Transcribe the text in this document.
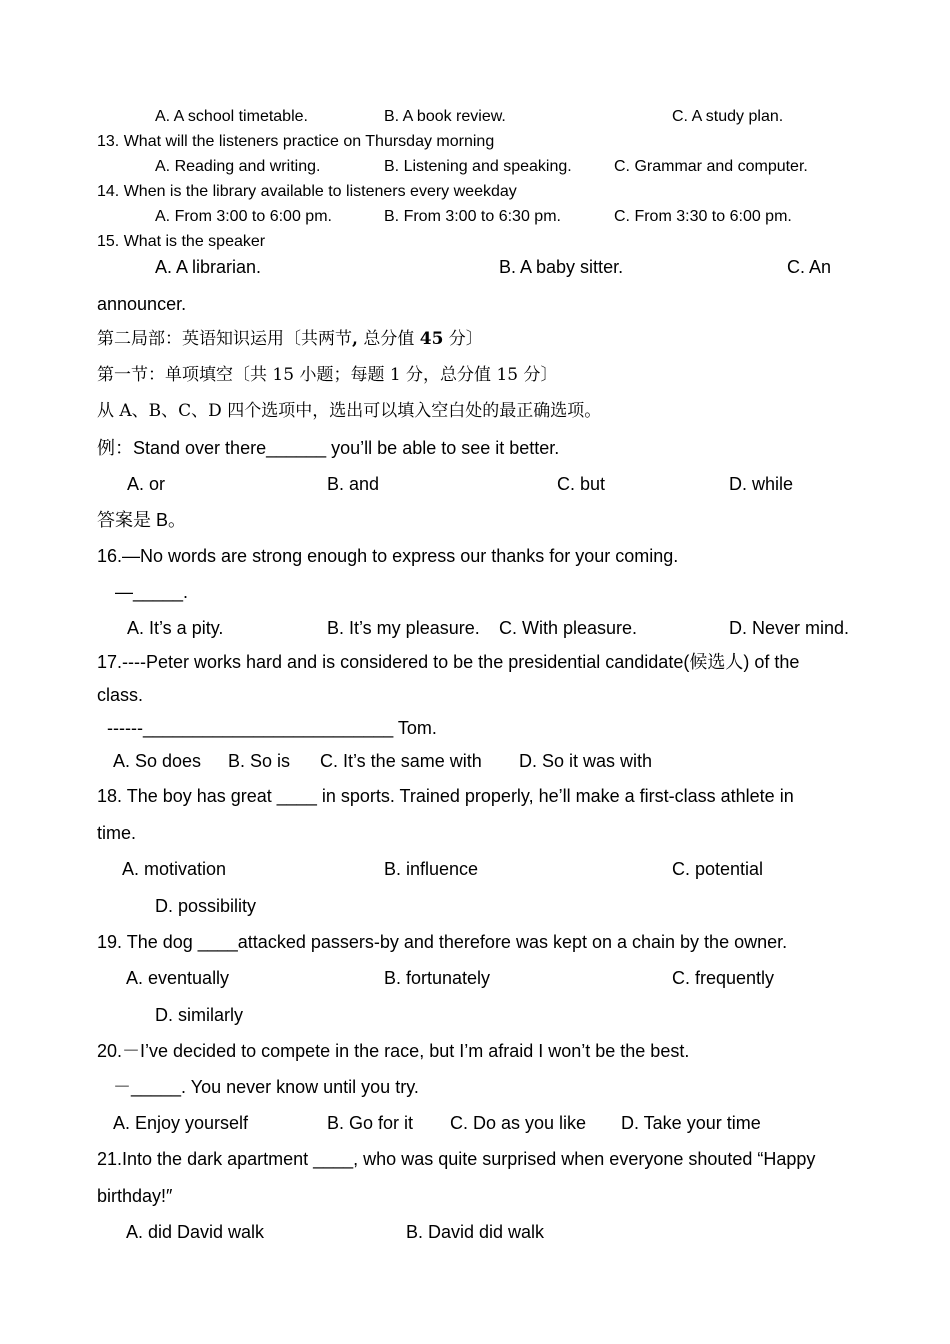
A. A school timetable.	B. A book review.	C. A study plan.
13. What will the listeners practice on Thursday morning
A. Reading and writing.	B. Listening and speaking.	C. Grammar and computer.
14. When is the library available to listeners every weekday
A. From 3:00 to 6:00 pm.	B. From 3:00 to 6:30 pm.	C. From 3:30 to 6:00 pm.
15. What is the speaker
A. A librarian.	B. A baby sitter.	C. An
announcer.
第二局部：英语知识运用〔共两节, 总分值 45 分〕
第一节：单项填空〔共 15 小题；每题 1 分，总分值 15 分〕
从 A、B、C、D 四个选项中，选出可以填入空白处的最正确选项。
例：Stand over there______ you’ll be able to see it better.
A. or	B. and	C. but	D. while
答案是 B。
16.—No words are strong enough to express our thanks for your coming.
—_____.
A. It’s a pity.	B. It’s my pleasure. C. With pleasure.	D. Never mind.
17.----Peter works hard and is considered to be the presidential candidate(候选人) of the
class.
------_________________________ Tom.
A. So does B. So is C. It’s the same with D. So it was with
18. The boy has great ____ in sports. Trained properly, he’ll make a first-class athlete in
time.
A. motivation	B. influence	C. potential
D. possibility
19. The dog ____attacked passers-by and therefore was kept on a chain by the owner.
A. eventually	B. fortunately	C. frequently
D. similarly
20.－I’ve decided to compete in the race, but I’m afraid I won’t be the best.
－_____. You never know until you try.
A. Enjoy yourself	B. Go for it C. Do as you like D. Take your time
21.Into the dark apartment ____, who was quite surprised when everyone shouted “Happy
birthday!″
A. did David walk	B. David did walk
